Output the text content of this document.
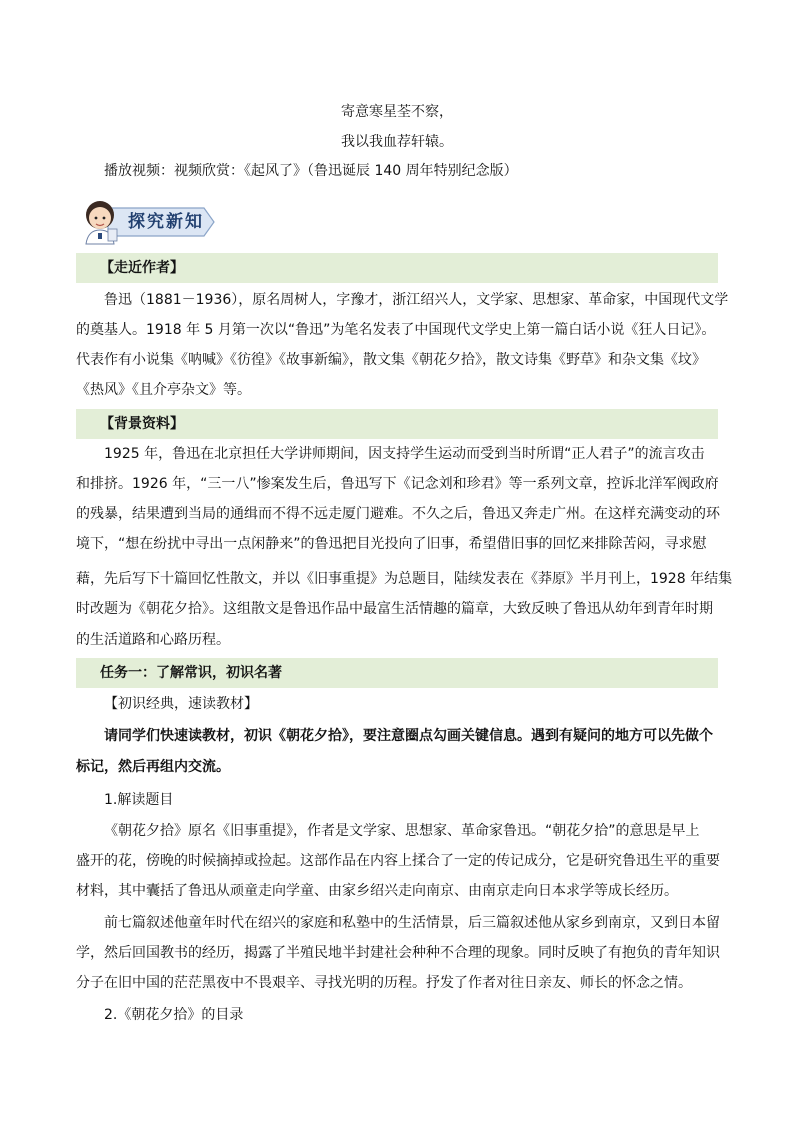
寄意寒星荃不察，
我以我血荐轩辕。
播放视频：视频欣赏：《起风了》（鲁迅诞辰 140 周年特别纪念版）
探究新知
【走近作者】
鲁迅（1881－1936），原名周树人，字豫才，浙江绍兴人，文学家、思想家、革命家，中国现代文学
的奠基人。1918 年 5 月第一次以“鲁迅”为笔名发表了中国现代文学史上第一篇白话小说《狂人日记》。
代表作有小说集《呐喊》《彷徨》《故事新编》，散文集《朝花夕拾》，散文诗集《野草》和杂文集《坟》
《热风》《且介亭杂文》等。
【背景资料】
1925 年，鲁迅在北京担任大学讲师期间，因支持学生运动而受到当时所谓“正人君子”的流言攻击
和排挤。1926 年，“三一八”惨案发生后，鲁迅写下《记念刘和珍君》等一系列文章，控诉北洋军阀政府
的残暴，结果遭到当局的通缉而不得不远走厦门避难。不久之后，鲁迅又奔走广州。在这样充满变动的环
境下，“想在纷扰中寻出一点闲静来”的鲁迅把目光投向了旧事，希望借旧事的回忆来排除苦闷，寻求慰
藉，先后写下十篇回忆性散文，并以《旧事重提》为总题目，陆续发表在《莽原》半月刊上，1928 年结集
时改题为《朝花夕拾》。这组散文是鲁迅作品中最富生活情趣的篇章，大致反映了鲁迅从幼年到青年时期
的生活道路和心路历程。
任务一：了解常识，初识名著
【初识经典，速读教材】
请同学们快速读教材，初识《朝花夕拾》，要注意圈点勾画关键信息。遇到有疑问的地方可以先做个
标记，然后再组内交流。
1.解读题目
《朝花夕拾》原名《旧事重提》，作者是文学家、思想家、革命家鲁迅。“朝花夕拾”的意思是早上
盛开的花，傍晚的时候摘掉或捡起。这部作品在内容上揉合了一定的传记成分，它是研究鲁迅生平的重要
材料，其中囊括了鲁迅从顽童走向学童、由家乡绍兴走向南京、由南京走向日本求学等成长经历。
前七篇叙述他童年时代在绍兴的家庭和私塾中的生活情景，后三篇叙述他从家乡到南京，又到日本留
学，然后回国教书的经历，揭露了半殖民地半封建社会种种不合理的现象。同时反映了有抱负的青年知识
分子在旧中国的茫茫黑夜中不畏艰辛、寻找光明的历程。抒发了作者对往日亲友、师长的怀念之情。
2.《朝花夕拾》的目录
